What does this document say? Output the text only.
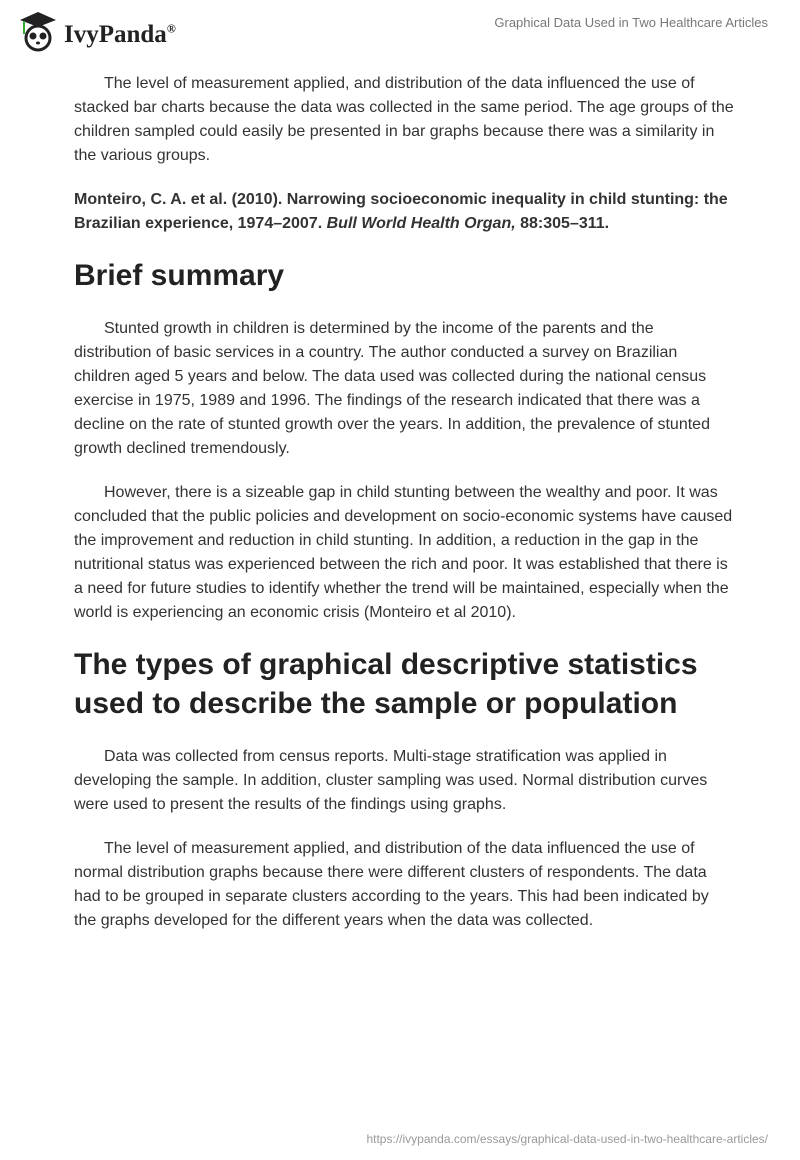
IvyPanda®	Graphical Data Used in Two Healthcare Articles

The level of measurement applied, and distribution of the data influenced the use of stacked bar charts because the data was collected in the same period. The age groups of the children sampled could easily be presented in bar graphs because there was a similarity in the various groups.

Monteiro, C. A. et al. (2010). Narrowing socioeconomic inequality in child stunting: the Brazilian experience, 1974–2007. Bull World Health Organ, 88:305–311.

Brief summary

Stunted growth in children is determined by the income of the parents and the distribution of basic services in a country. The author conducted a survey on Brazilian children aged 5 years and below. The data used was collected during the national census exercise in 1975, 1989 and 1996. The findings of the research indicated that there was a decline on the rate of stunted growth over the years. In addition, the prevalence of stunted growth declined tremendously.

However, there is a sizeable gap in child stunting between the wealthy and poor. It was concluded that the public policies and development on socio-economic systems have caused the improvement and reduction in child stunting. In addition, a reduction in the gap in the nutritional status was experienced between the rich and poor. It was established that there is a need for future studies to identify whether the trend will be maintained, especially when the world is experiencing an economic crisis (Monteiro et al 2010).

The types of graphical descriptive statistics used to describe the sample or population

Data was collected from census reports. Multi-stage stratification was applied in developing the sample. In addition, cluster sampling was used. Normal distribution curves were used to present the results of the findings using graphs.

The level of measurement applied, and distribution of the data influenced the use of normal distribution graphs because there were different clusters of respondents. The data had to be grouped in separate clusters according to the years. This had been indicated by the graphs developed for the different years when the data was collected.

https://ivypanda.com/essays/graphical-data-used-in-two-healthcare-articles/
